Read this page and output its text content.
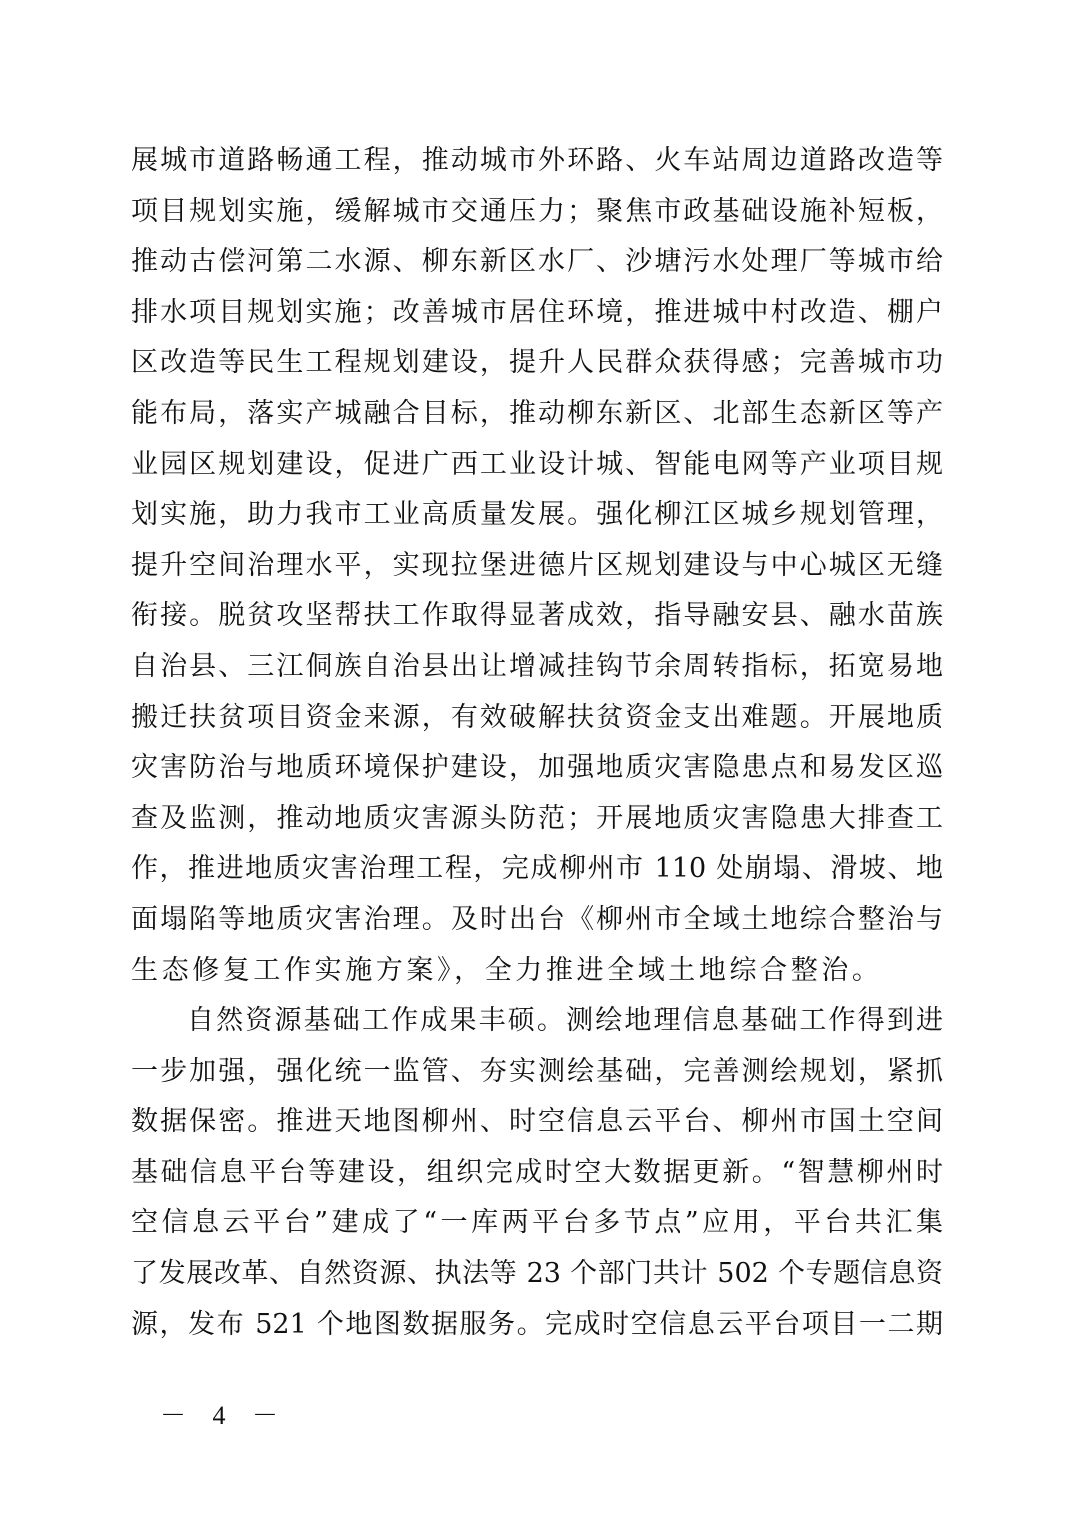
展城市道路畅通工程，推动城市外环路、火车站周边道路改造等
项目规划实施，缓解城市交通压力；聚焦市政基础设施补短板，
推动古偿河第二水源、柳东新区水厂、沙塘污水处理厂等城市给
排水项目规划实施；改善城市居住环境，推进城中村改造、棚户
区改造等民生工程规划建设，提升人民群众获得感；完善城市功
能布局，落实产城融合目标，推动柳东新区、北部生态新区等产
业园区规划建设，促进广西工业设计城、智能电网等产业项目规
划实施，助力我市工业高质量发展。强化柳江区城乡规划管理，
提升空间治理水平，实现拉堡进德片区规划建设与中心城区无缝
衔接。脱贫攻坚帮扶工作取得显著成效，指导融安县、融水苗族
自治县、三江侗族自治县出让增减挂钩节余周转指标，拓宽易地
搬迁扶贫项目资金来源，有效破解扶贫资金支出难题。开展地质
灾害防治与地质环境保护建设，加强地质灾害隐患点和易发区巡
查及监测，推动地质灾害源头防范；开展地质灾害隐患大排查工
作，推进地质灾害治理工程，完成柳州市 110 处崩塌、滑坡、地
面塌陷等地质灾害治理。及时出台《柳州市全域土地综合整治与
生态修复工作实施方案》，全力推进全域土地综合整治。
自然资源基础工作成果丰硕。测绘地理信息基础工作得到进
一步加强，强化统一监管、夯实测绘基础，完善测绘规划，紧抓
数据保密。推进天地图柳州、时空信息云平台、柳州市国土空间
基础信息平台等建设，组织完成时空大数据更新。“智慧柳州时
空信息云平台”建成了“一库两平台多节点”应用，平台共汇集
了发展改革、自然资源、执法等 23 个部门共计 502 个专题信息资
源，发布 521 个地图数据服务。完成时空信息云平台项目一二期
－ 4 －
